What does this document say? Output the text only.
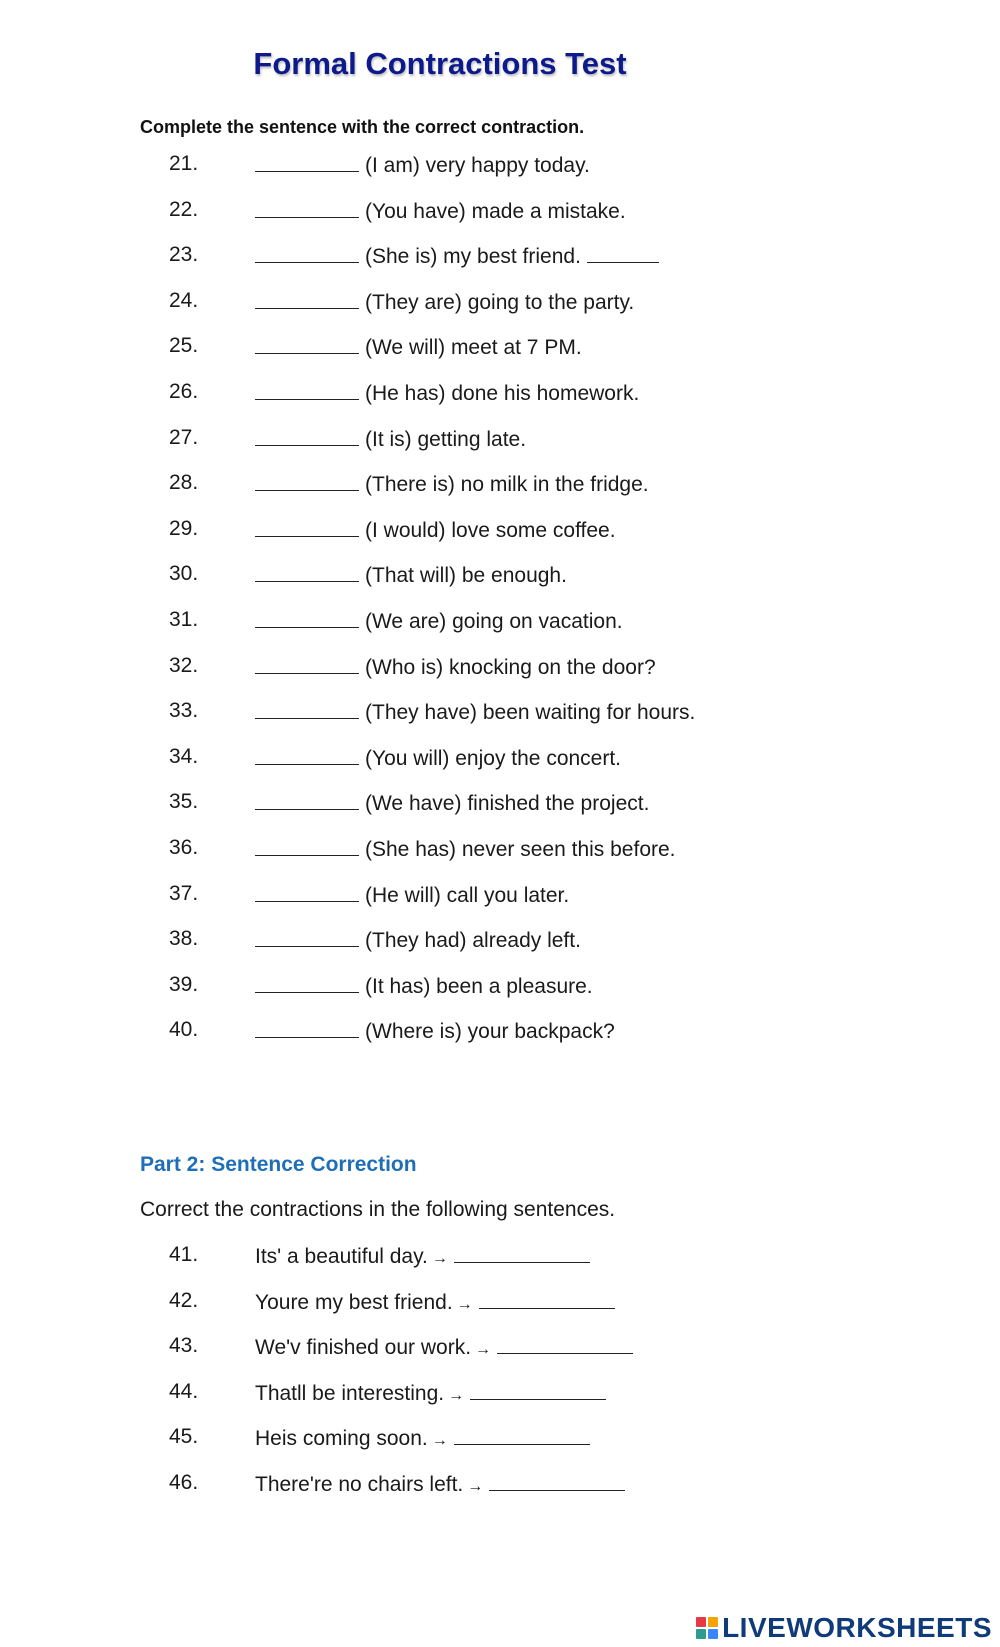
Formal Contractions Test
Complete the sentence with the correct contraction.
21.	(I am) very happy today.
22.	(You have) made a mistake.
23.	(She is) my best friend.
24.	(They are) going to the party.
25.	(We will) meet at 7 PM.
26.	(He has) done his homework.
27.	(It is) getting late.
28.	(There is) no milk in the fridge.
29.	(I would) love some coffee.
30.	(That will) be enough.
31.	(We are) going on vacation.
32.	(Who is) knocking on the door?
33.	(They have) been waiting for hours.
34.	(You will) enjoy the concert.
35.	(We have) finished the project.
36.	(She has) never seen this before.
37.	(He will) call you later.
38.	(They had) already left.
39.	(It has) been a pleasure.
40.	(Where is) your backpack?
Part 2: Sentence Correction
Correct the contractions in the following sentences.
41.	Its' a beautiful day. →
42.	Youre my best friend. →
43.	We'v finished our work. →
44.	Thatll be interesting. →
45.	Heis coming soon. →
46.	There're no chairs left. →
LIVEWORKSHEETS
